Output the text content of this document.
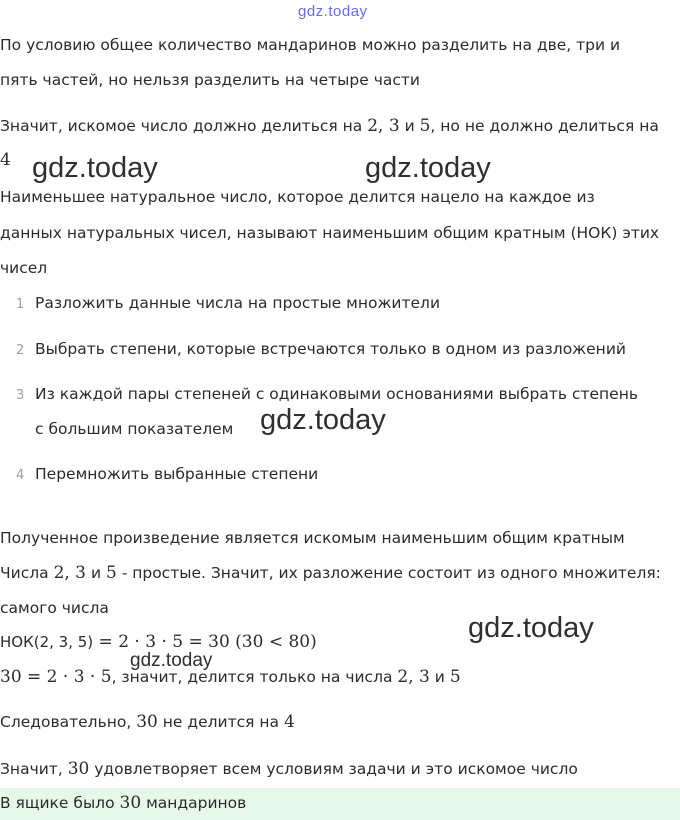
gdz.today
По условию общее количество мандаринов можно разделить на две, три и
пять частей, но нельзя разделить на четыре части
Значит, искомое число должно делиться на 2, 3 и 5, но не должно делиться на
4 gdz.today	gdz.today
Наименьшее натуральное число, которое делится нацело на каждое из
данных натуральных чисел, называют наименьшим общим кратным (НОК) этих
чисел
1 Разложить данные числа на простые множители
2 Выбрать степени, которые встречаются только в одном из разложений
3 Из каждой пары степеней с одинаковыми основаниями выбрать степень
с большим показателем gdz.today
4 Перемножить выбранные степени
Полученное произведение является искомым наименьшим общим кратным
Числа 2, 3 и 5 - простые. Значит, их разложение состоит из одного множителя:
самого числа
НОК(2, 3, 5) = 2 · 3 · 5 = 30 (30 < 80)	gdz.today
gdz.today
30 = 2 · 3 · 5, значит, делится только на числа 2, 3 и 5
Следовательно, 30 не делится на 4
Значит, 30 удовлетворяет всем условиям задачи и это искомое число
В ящике было 30 мандаринов
